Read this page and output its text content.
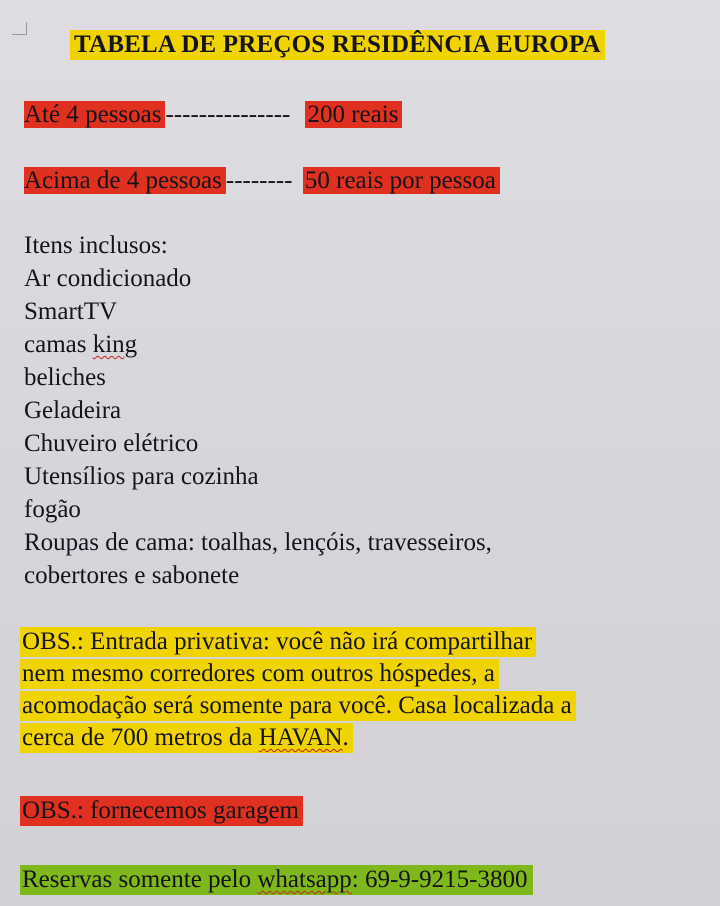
TABELA DE PREÇOS RESIDÊNCIA EUROPA
Até 4 pessoas --------------- 200 reais
Acima de 4 pessoas -------- 50 reais por pessoa
Itens inclusos:
Ar condicionado
SmartTV
camas king
beliches
Geladeira
Chuveiro elétrico
Utensílios para cozinha
fogão
Roupas de cama: toalhas, lençóis, travesseiros,
cobertores e sabonete
OBS.: Entrada privativa: você não irá compartilhar
nem mesmo corredores com outros hóspedes, a
acomodação será somente para você. Casa localizada a
cerca de 700 metros da HAVAN.
OBS.: fornecemos garagem
Reservas somente pelo whatsapp: 69-9-9215-3800
